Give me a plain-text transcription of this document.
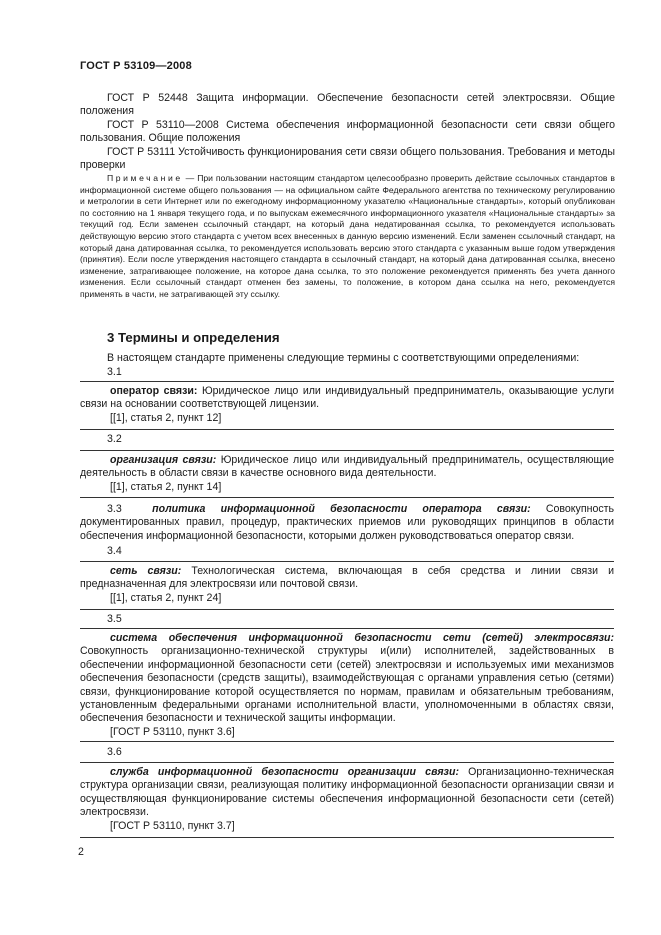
ГОСТ Р 53109—2008

ГОСТ Р 52448 Защита информации. Обеспечение безопасности сетей электросвязи. Общие положения

ГОСТ Р 53110—2008 Система обеспечения информационной безопасности сети связи общего пользования. Общие положения

ГОСТ Р 53111 Устойчивость функционирования сети связи общего пользования. Требования и методы проверки

Примечание — При пользовании настоящим стандартом целесообразно проверить действие ссылочных стандартов в информационной системе общего пользования — на официальном сайте Федерального агентства по техническому регулированию и метрологии в сети Интернет или по ежегодному информационному указателю «Национальные стандарты», который опубликован по состоянию на 1 января текущего года, и по выпускам ежемесячного информационного указателя «Национальные стандарты» за текущий год. Если заменен ссылочный стандарт, на который дана недатированная ссылка, то рекомендуется использовать действующую версию этого стандарта с учетом всех внесенных в данную версию изменений. Если заменен ссылочный стандарт, на который дана датированная ссылка, то рекомендуется использовать версию этого стандарта с указанным выше годом утверждения (принятия). Если после утверждения настоящего стандарта в ссылочный стандарт, на который дана датированная ссылка, внесено изменение, затрагивающее положение, на которое дана ссылка, то это положение рекомендуется применять без учета данного изменения. Если ссылочный стандарт отменен без замены, то положение, в котором дана ссылка на него, рекомендуется применять в части, не затрагивающей эту ссылку.
3 Термины и определения
В настоящем стандарте применены следующие термины с соответствующими определениями:
3.1

оператор связи: Юридическое лицо или индивидуальный предприниматель, оказывающие услуги связи на основании соответствующей лицензии.

[[1], статья 2, пункт 12]

3.2

организация связи: Юридическое лицо или индивидуальный предприниматель, осуществляющие деятельность в области связи в качестве основного вида деятельности.

[[1], статья 2, пункт 14]

3.3	политика информационной безопасности оператора связи: Совокупность документированных правил, процедур, практических приемов или руководящих принципов в области обеспечения информационной безопасности, которыми должен руководствоваться оператор связи.
3.4

сеть связи: Технологическая система, включающая в себя средства и линии связи и предназначенная для электросвязи или почтовой связи.

[[1], статья 2, пункт 24]

3.5

система обеспечения информационной безопасности сети (сетей) электросвязи: Совокупность организационно-технической структуры и(или) исполнителей, задействованных в обеспечении информационной безопасности сети (сетей) электросвязи и используемых ими механизмов обеспечения безопасности (средств защиты), взаимодействующая с органами управления сетью (сетями) связи, функционирование которой осуществляется по нормам, правилам и обязательным требованиям, установленным федеральными органами исполнительной власти, уполномоченными в областях связи, обеспечения безопасности и технической защиты информации.

[ГОСТ Р 53110, пункт 3.6]

3.6

служба информационной безопасности организации связи: Организационно-техническая структура организации связи, реализующая политику информационной безопасности организации связи и осуществляющая функционирование системы обеспечения информационной безопасности сети (сетей) электросвязи.

[ГОСТ Р 53110, пункт 3.7]

2
